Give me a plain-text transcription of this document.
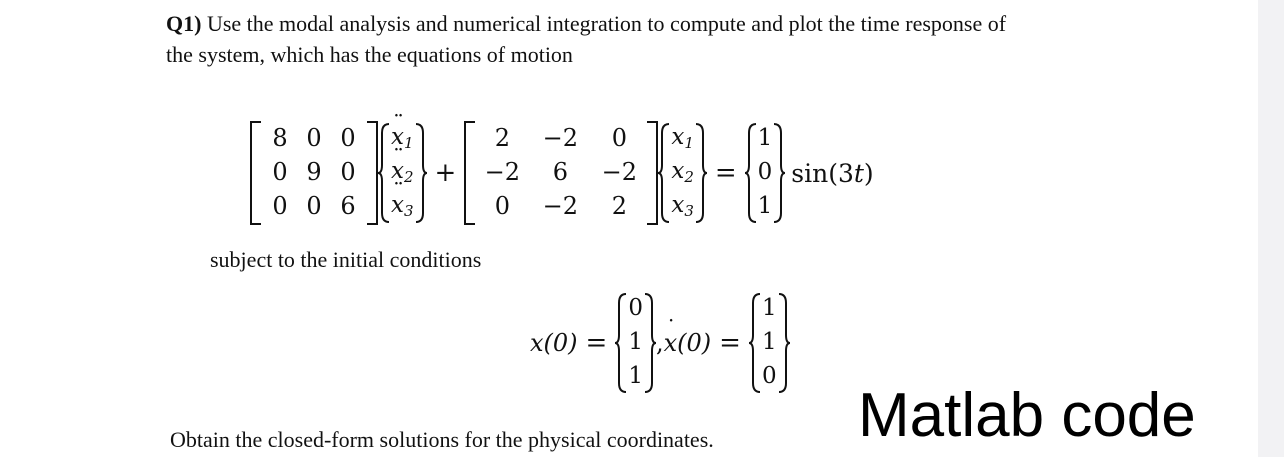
Q1) Use the modal analysis and numerical integration to compute and plot the time response of
the system, which has the equations of motion
8 0 0
0 9 0
0 0 6
x $¨_1$
x $¨_2$
x $¨_3$
+
2	−2	0
−2	6	−2
0	−2	2
$x_1$
$x_2$
$x_3$
=
1
0
1
sin(3𝑡)
subject to the initial conditions
x(0) =
0
1
1
, x(0) ˙ =
1
1
0
Obtain the closed-form solutions for the physical coordinates. Matlab code
